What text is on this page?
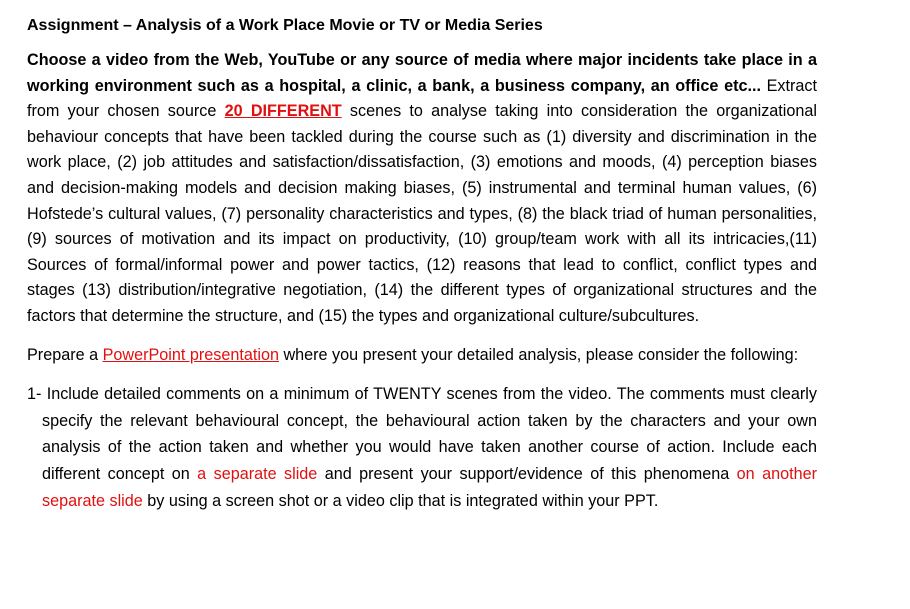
Assignment – Analysis of a Work Place Movie or TV or Media Series

Choose a video from the Web, YouTube or any source of media where major incidents take place in a working environment such as a hospital, a clinic, a bank, a business company, an office etc... Extract from your chosen source 20 DIFFERENT scenes to analyse taking into consideration the organizational behaviour concepts that have been tackled during the course such as (1) diversity and discrimination in the work place, (2) job attitudes and satisfaction/dissatisfaction, (3) emotions and moods, (4) perception biases and decision-making models and decision making biases, (5) instrumental and terminal human values, (6) Hofstede’s cultural values, (7) personality characteristics and types, (8) the black triad of human personalities, (9) sources of motivation and its impact on productivity, (10) group/team work with all its intricacies,(11) Sources of formal/informal power and power tactics, (12) reasons that lead to conflict, conflict types and stages (13) distribution/integrative negotiation, (14) the different types of organizational structures and the factors that determine the structure, and (15) the types and organizational culture/subcultures.

Prepare a PowerPoint presentation where you present your detailed analysis, please consider the following:

1- Include detailed comments on a minimum of TWENTY scenes from the video. The comments must clearly specify the relevant behavioural concept, the behavioural action taken by the characters and your own analysis of the action taken and whether you would have taken another course of action. Include each different concept on a separate slide and present your support/evidence of this phenomena on another separate slide by using a screen shot or a video clip that is integrated within your PPT.
